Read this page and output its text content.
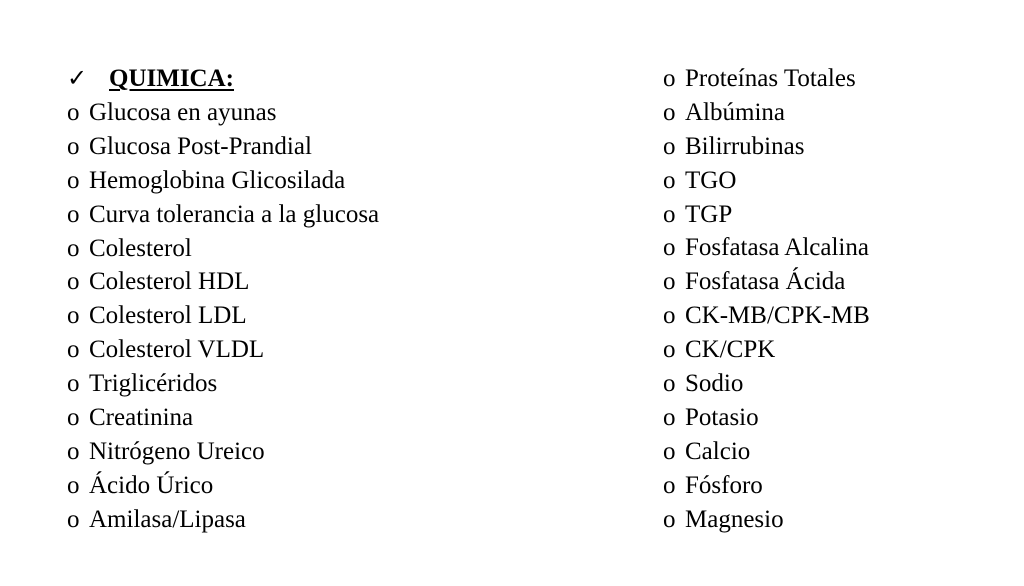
✓ QUIMICA:
o Glucosa en ayunas
o Glucosa Post-Prandial
o Hemoglobina Glicosilada
o Curva tolerancia a la glucosa
o Colesterol
o Colesterol HDL
o Colesterol LDL
o Colesterol VLDL
o Triglicéridos
o Creatinina
o Nitrógeno Ureico
o Ácido Úrico
o Amilasa/Lipasa
o Proteínas Totales
o Albúmina
o Bilirrubinas
o TGO
o TGP
o Fosfatasa Alcalina
o Fosfatasa Ácida
o CK-MB/CPK-MB
o CK/CPK
o Sodio
o Potasio
o Calcio
o Fósforo
o Magnesio
